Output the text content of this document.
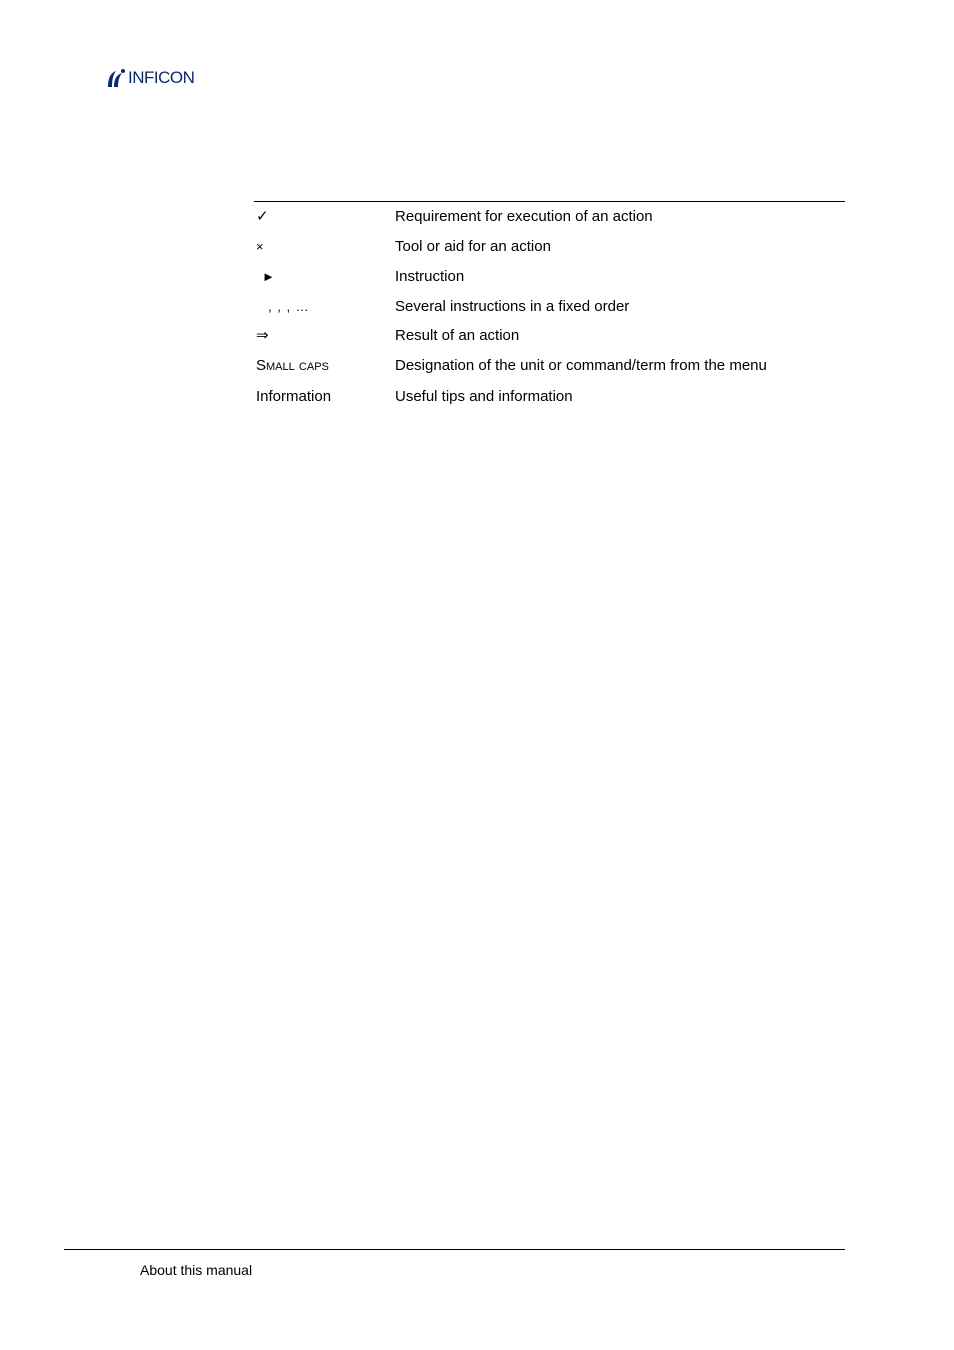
INFICON
✓	Requirement for execution of an action
×	Tool or aid for an action
►	Instruction
, , , …	Several instructions in a fixed order
⇒	Result of an action
Small caps	Designation of the unit or command/term from the menu
Information	Useful tips and information
About this manual
